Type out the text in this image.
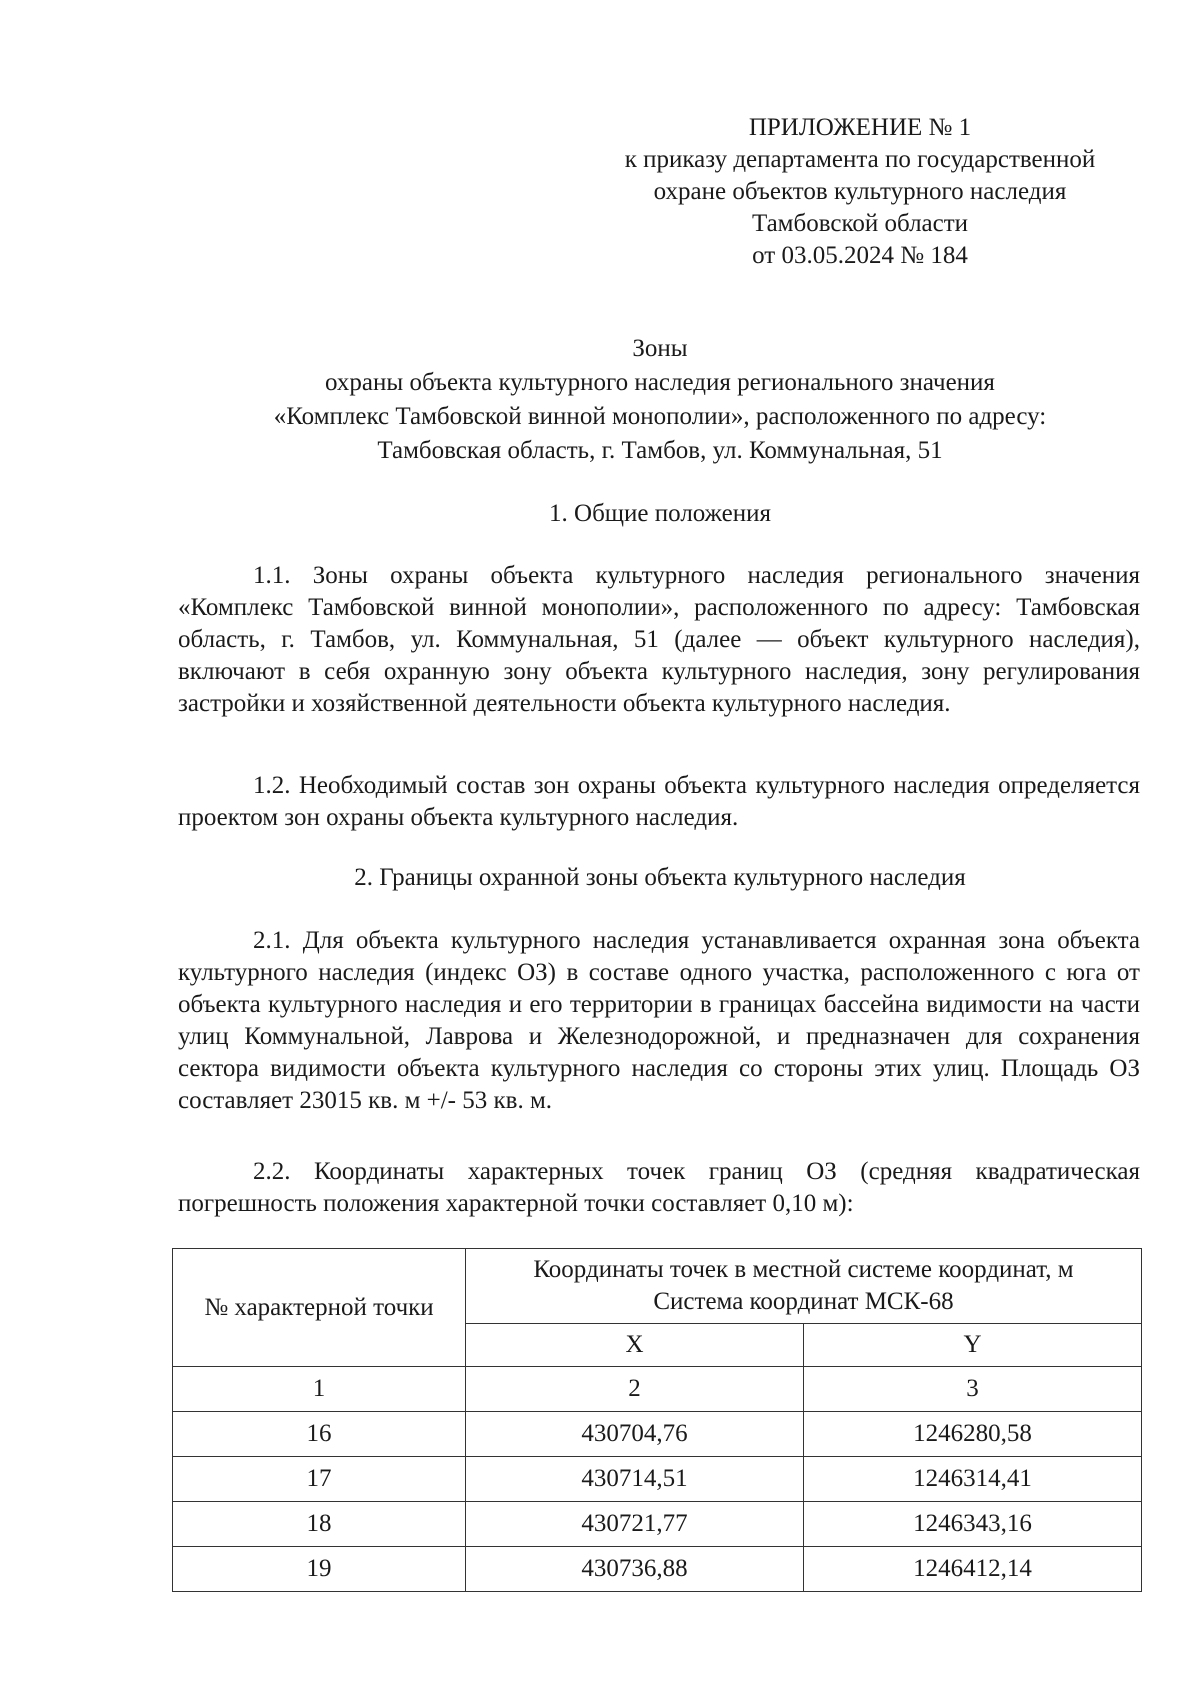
ПРИЛОЖЕНИЕ № 1
к приказу департамента по государственной
охране объектов культурного наследия
Тамбовской области
от 03.05.2024 № 184
Зоны
охраны объекта культурного наследия регионального значения
«Комплекс Тамбовской винной монополии», расположенного по адресу:
Тамбовская область, г. Тамбов, ул. Коммунальная, 51
1. Общие положения
1.1. Зоны охраны объекта культурного наследия регионального значения «Комплекс Тамбовской винной монополии», расположенного по адресу: Тамбовская область, г. Тамбов, ул. Коммунальная, 51 (далее — объект культурного наследия), включают в себя охранную зону объекта культурного наследия, зону регулирования застройки и хозяйственной деятельности объекта культурного наследия.
1.2. Необходимый состав зон охраны объекта культурного наследия определяется проектом зон охраны объекта культурного наследия.
2. Границы охранной зоны объекта культурного наследия
2.1. Для объекта культурного наследия устанавливается охранная зона объекта культурного наследия (индекс ОЗ) в составе одного участка, расположенного с юга от объекта культурного наследия и его территории в границах бассейна видимости на части улиц Коммунальной, Лаврова и Железнодорожной, и предназначен для сохранения сектора видимости объекта культурного наследия со стороны этих улиц. Площадь ОЗ составляет 23015 кв. м +/- 53 кв. м.
2.2. Координаты характерных точек границ ОЗ (средняя квадратическая погрешность положения характерной точки составляет 0,10 м):
№ характерной точки	Координаты точек в местной системе координат, м
Система координат МСК-68	

	X	Y
1	2	3
16	430704,76	1246280,58
17	430714,51	1246314,41
18	430721,77	1246343,16
19	430736,88	1246412,14
